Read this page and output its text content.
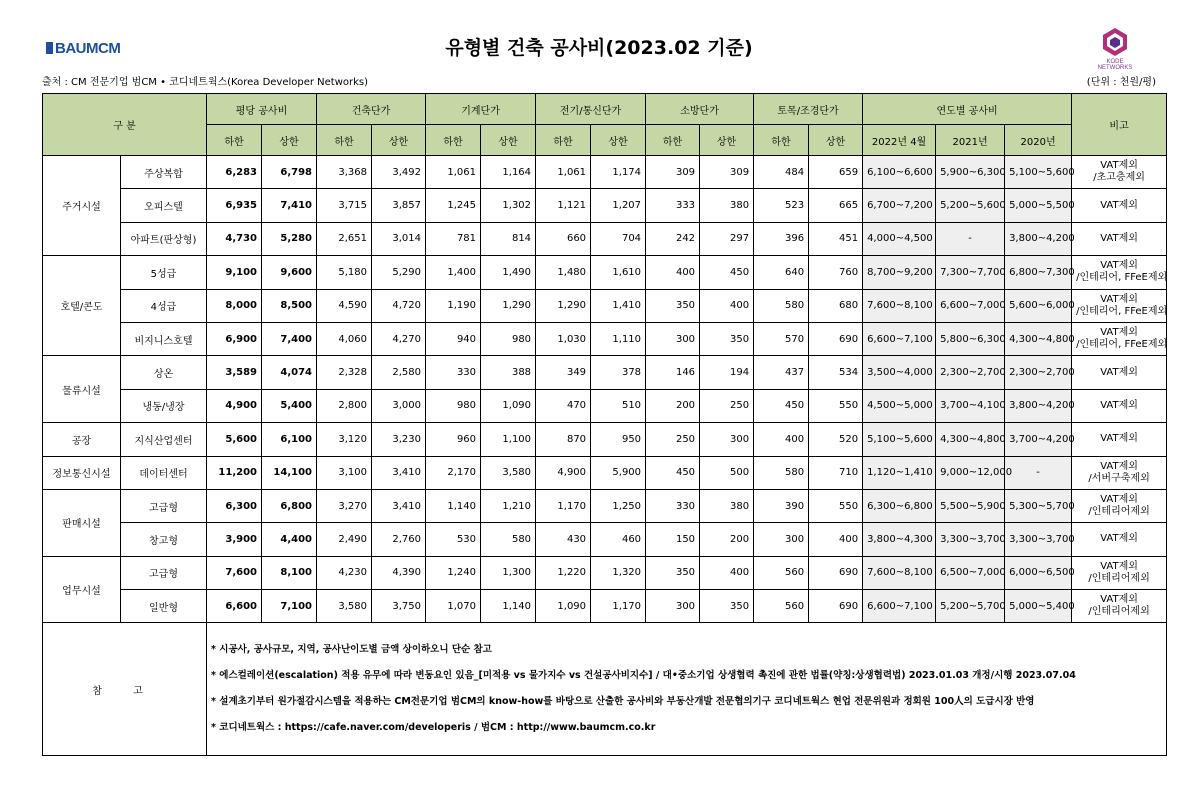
BAUMCM	유형별 건축 공사비(2023.02 기준)
KODE NETWORKS
출처 : CM 전문기업 범CM • 코디네트웍스(Korea Developer Networks)	(단위 : 천원/평)
구 분		평당 공사비		건축단가		기계단가		전기/통신단가		소방단가		토목/조경단가		연도별 공사비			비고
		하한	상한	하한	상한	하한	상한	하한	상한	하한	상한	하한	상한	2022년 4월	2021년	2020년	
주거시설	주상복합	6,283	6,798	3,368	3,492	1,061	1,164	1,061	1,174	309	309	484	659	6,100~6,600	5,900~6,300	5,100~5,600	VAT제외
/초고층제외
	오피스텔	6,935	7,410	3,715	3,857	1,245	1,302	1,121	1,207	333	380	523	665	6,700~7,200	5,200~5,600	5,000~5,500	VAT제외
	아파트(판상형)	4,730	5,280	2,651	3,014	781	814	660	704	242	297	396	451	4,000~4,500	-	3,800~4,200	VAT제외
호텔/콘도	5성급	9,100	9,600	5,180	5,290	1,400	1,490	1,480	1,610	400	450	640	760	8,700~9,200	7,300~7,700	6,800~7,300	VAT제외
/인테리어, FFeE제외
	4성급	8,000	8,500	4,590	4,720	1,190	1,290	1,290	1,410	350	400	580	680	7,600~8,100	6,600~7,000	5,600~6,000	VAT제외
/인테리어, FFeE제외
	비지니스호텔	6,900	7,400	4,060	4,270	940	980	1,030	1,110	300	350	570	690	6,600~7,100	5,800~6,300	4,300~4,800	VAT제외
/인테리어, FFeE제외
물류시설	상온	3,589	4,074	2,328	2,580	330	388	349	378	146	194	437	534	3,500~4,000	2,300~2,700	2,300~2,700	VAT제외
	냉동/냉장	4,900	5,400	2,800	3,000	980	1,090	470	510	200	250	450	550	4,500~5,000	3,700~4,100	3,800~4,200	VAT제외
공장	지식산업센터	5,600	6,100	3,120	3,230	960	1,100	870	950	250	300	400	520	5,100~5,600	4,300~4,800	3,700~4,200	VAT제외
정보통신시설	데이터센터	11,200	14,100	3,100	3,410	2,170	3,580	4,900	5,900	450	500	580	710	1,120~1,410	9,000~12,000	-	VAT제외
/서버구축제외
판매시설	고급형	6,300	6,800	3,270	3,410	1,140	1,210	1,170	1,250	330	380	390	550	6,300~6,800	5,500~5,900	5,300~5,700	VAT제외
/인테리어제외
	창고형	3,900	4,400	2,490	2,760	530	580	430	460	150	200	300	400	3,800~4,300	3,300~3,700	3,300~3,700	VAT제외
업무시설	고급형	7,600	8,100	4,230	4,390	1,240	1,300	1,220	1,320	350	400	560	690	7,600~8,100	6,500~7,000	6,000~6,500	VAT제외
/인테리어제외
	일반형	6,600	7,100	3,580	3,750	1,070	1,140	1,090	1,170	300	350	560	690	6,600~7,100	5,200~5,700	5,000~5,400	VAT제외
/인테리어제외
참 고		* 시공사, 공사규모, 지역, 공사난이도별 금액 상이하오니 단순 참고
* 에스컬레이션(escalation) 적용 유무에 따라 변동요인 있음_[미적용 vs 물가지수 vs 건설공사비지수] / 대•중소기업 상생협력 촉진에 관한 법률(약칭:상생협력법) 2023.01.03 개정/시행 2023.07.04
* 설계초기부터 원가절감시스템을 적용하는 CM전문기업 범CM의 know-how를 바탕으로 산출한 공사비와 부동산개발 전문협의기구 코디네트웍스 현업 전문위원과 정회원 100人의 도급시장 반영
* 코디네트웍스 : https://cafe.naver.com/developeris / 범CM : http://www.baumcm.co.kr															
